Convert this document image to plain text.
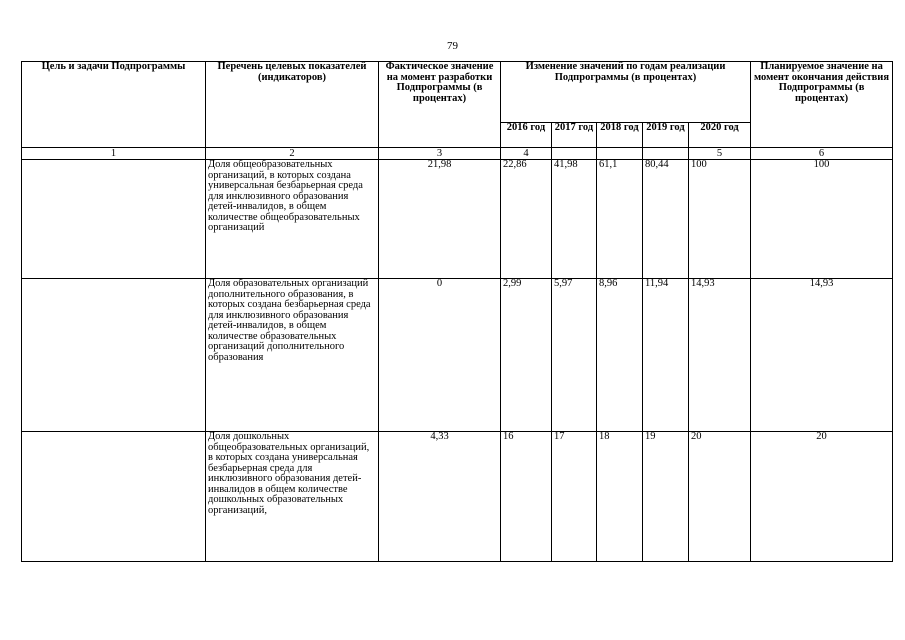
79
Цель и задачи Подпрограммы	Перечень целевых показателей (индикаторов)	Фактическое значение на момент разработки Подпрограммы (в процентах)	Изменение значений по годам реализации Подпрограммы (в процентах)					Планируемое значение на момент окончания действия Подпрограммы (в процентах)
			2016 год	2017 год	2018 год	2019 год	2020 год	
1	2	3	4				5	6
	Доля общеобразовательных организаций, в которых создана универсальная безбарьерная среда для инклюзивного образования детей-инвалидов, в общем количестве общеобразовательных организаций	21,98	22,86	41,98	61,1	80,44	100	100
	Доля образовательных организаций дополнительного образования, в которых создана безбарьерная среда для инклюзивного образования детей-инвалидов, в общем количестве образовательных организаций дополнительного образования	0	2,99	5,97	8,96	11,94	14,93	14,93
	Доля дошкольных общеобразовательных организаций, в которых создана универсальная безбарьерная среда для инклюзивного образования детей-инвалидов в общем количестве дошкольных образовательных организаций,	4,33	16	17	18	19	20	20
